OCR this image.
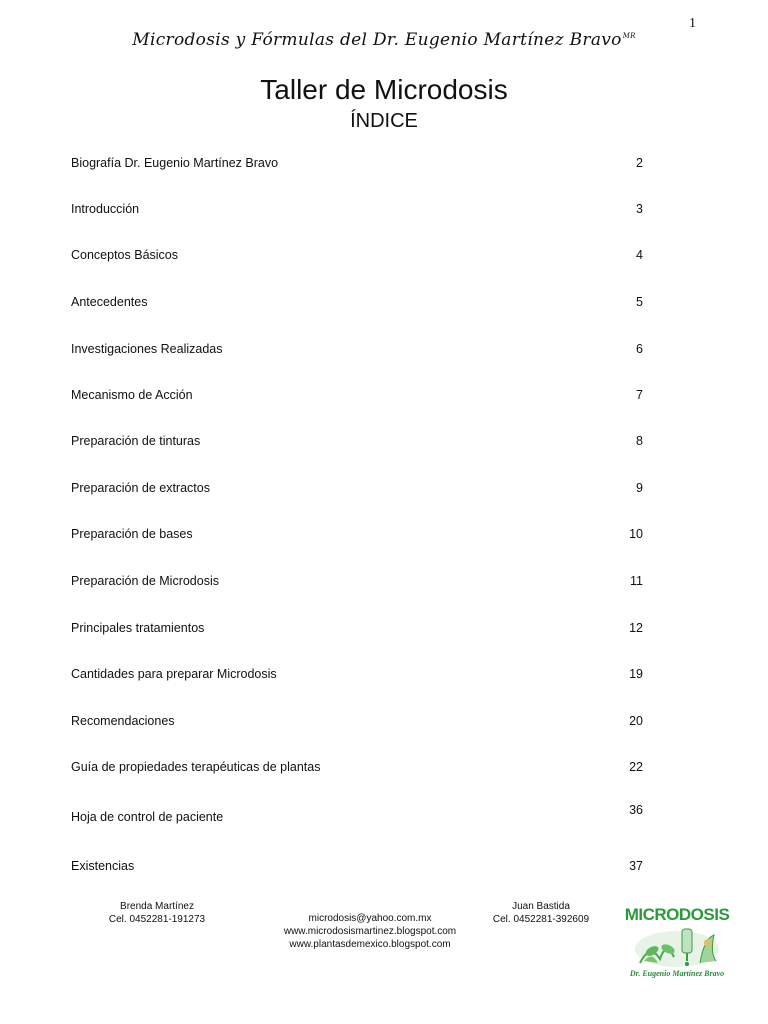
1
Microdosis y Fórmulas del Dr. Eugenio Martínez Bravo$^{MR}$
Taller de Microdosis
ÍNDICE
Biografía Dr. Eugenio Martínez Bravo	2
Introducción	3
Conceptos Básicos	4
Antecedentes	5
Investigaciones Realizadas	6
Mecanismo de Acción	7
Preparación de tinturas	8
Preparación de extractos	9
Preparación de bases	10
Preparación de Microdosis	11
Principales tratamientos	12
Cantidades para preparar Microdosis	19
Recomendaciones	20
Guía de propiedades terapéuticas de plantas	22
Hoja de control de paciente	36
Existencias	37
Brenda Martínez
Cel. 0452281-191273	microdosis@yahoo.com.mx
www.microdosismartinez.blogspot.com
www.plantasdemexico.blogspot.com
Juan Bastida
Cel. 0452281-392609	MICRODOSIS
Dr. Eugenio Martínez Bravo
